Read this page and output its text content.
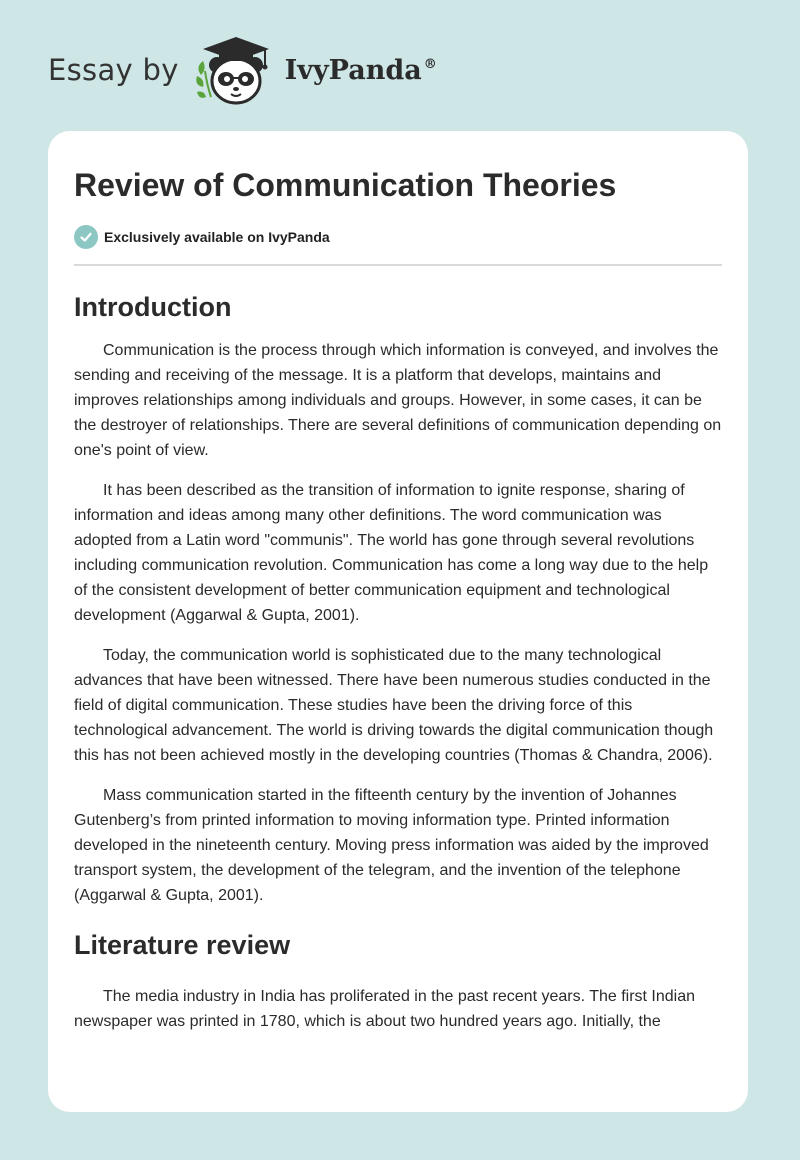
Essay by	IvyPanda®
Review of Communication Theories
Exclusively available on IvyPanda
Introduction

Communication is the process through which information is conveyed, and involves the sending and receiving of the message. It is a platform that develops, maintains and improves relationships among individuals and groups. However, in some cases, it can be the destroyer of relationships. There are several definitions of communication depending on one's point of view.

It has been described as the transition of information to ignite response, sharing of information and ideas among many other definitions. The word communication was adopted from a Latin word "communis". The world has gone through several revolutions including communication revolution. Communication has come a long way due to the help of the consistent development of better communication equipment and technological development (Aggarwal & Gupta, 2001).

Today, the communication world is sophisticated due to the many technological advances that have been witnessed. There have been numerous studies conducted in the field of digital communication. These studies have been the driving force of this technological advancement. The world is driving towards the digital communication though this has not been achieved mostly in the developing countries (Thomas & Chandra, 2006).

Mass communication started in the fifteenth century by the invention of Johannes Gutenberg’s from printed information to moving information type. Printed information developed in the nineteenth century. Moving press information was aided by the improved transport system, the development of the telegram, and the invention of the telephone (Aggarwal & Gupta, 2001).

Literature review

The media industry in India has proliferated in the past recent years. The first Indian newspaper was printed in 1780, which is about two hundred years ago. Initially, the
